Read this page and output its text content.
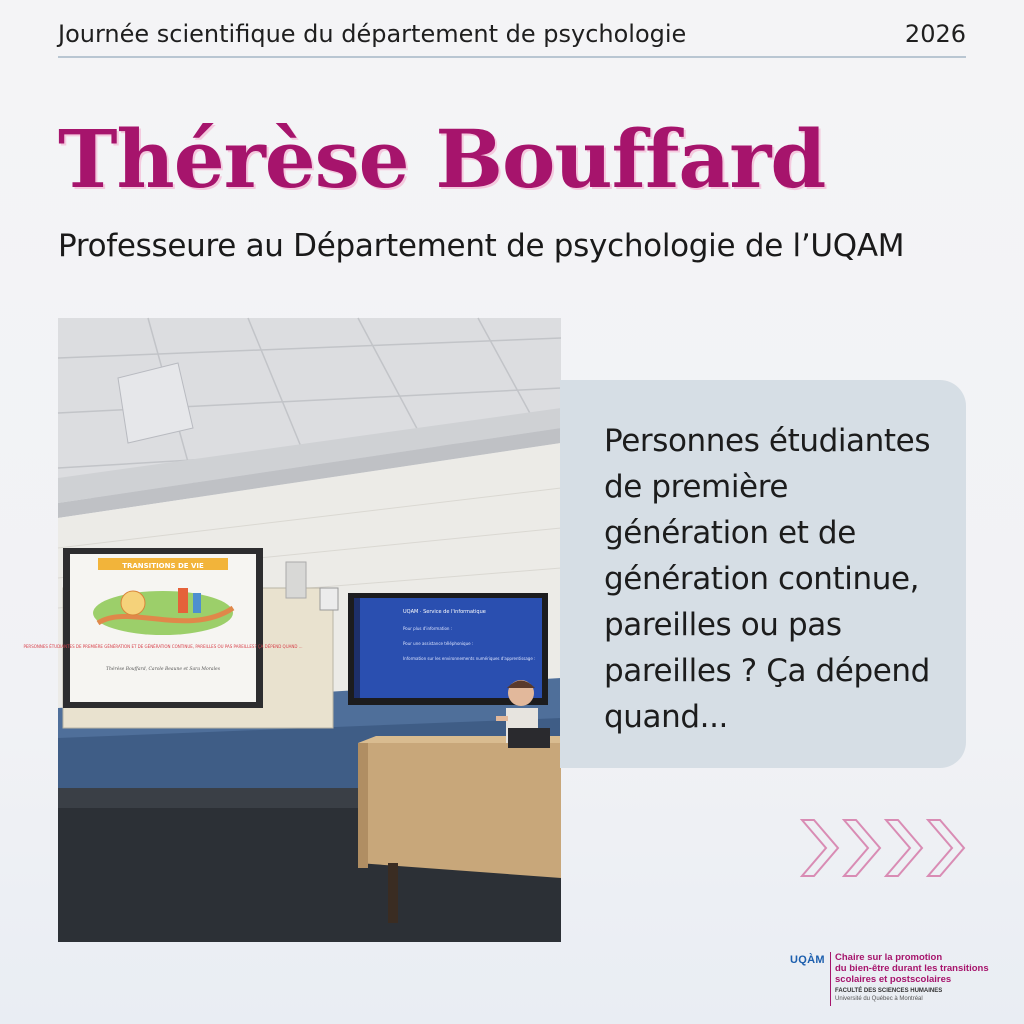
Journée scientifique du département de psychologie	2026
Thérèse Bouffard
Professeure au Département de psychologie de l’UQAM
TRANSITIONS DE VIE
PERSONNES ÉTUDIANTES DE PREMIÈRE GÉNÉRATION ET DE GÉNÉRATION CONTINUE, PAREILLES OU PAS PAREILLES? ÇA DÉPEND QUAND ...
Thérèse Bouffard, Carole Beaune et Sara Morales
UQAM · Service de l'informatique
Pour plus d'information :
Pour une assistance téléphonique :
Information sur les environnements numériques d'apprentissage :
Personnes étudiantes de première génération et de génération continue, pareilles ou pas pareilles ? Ça dépend quand...
UQÀM Chaire sur la promotion
du bien-être durant les transitions
scolaires et postscolaires
FACULTÉ DES SCIENCES HUMAINES
Université du Québec à Montréal
